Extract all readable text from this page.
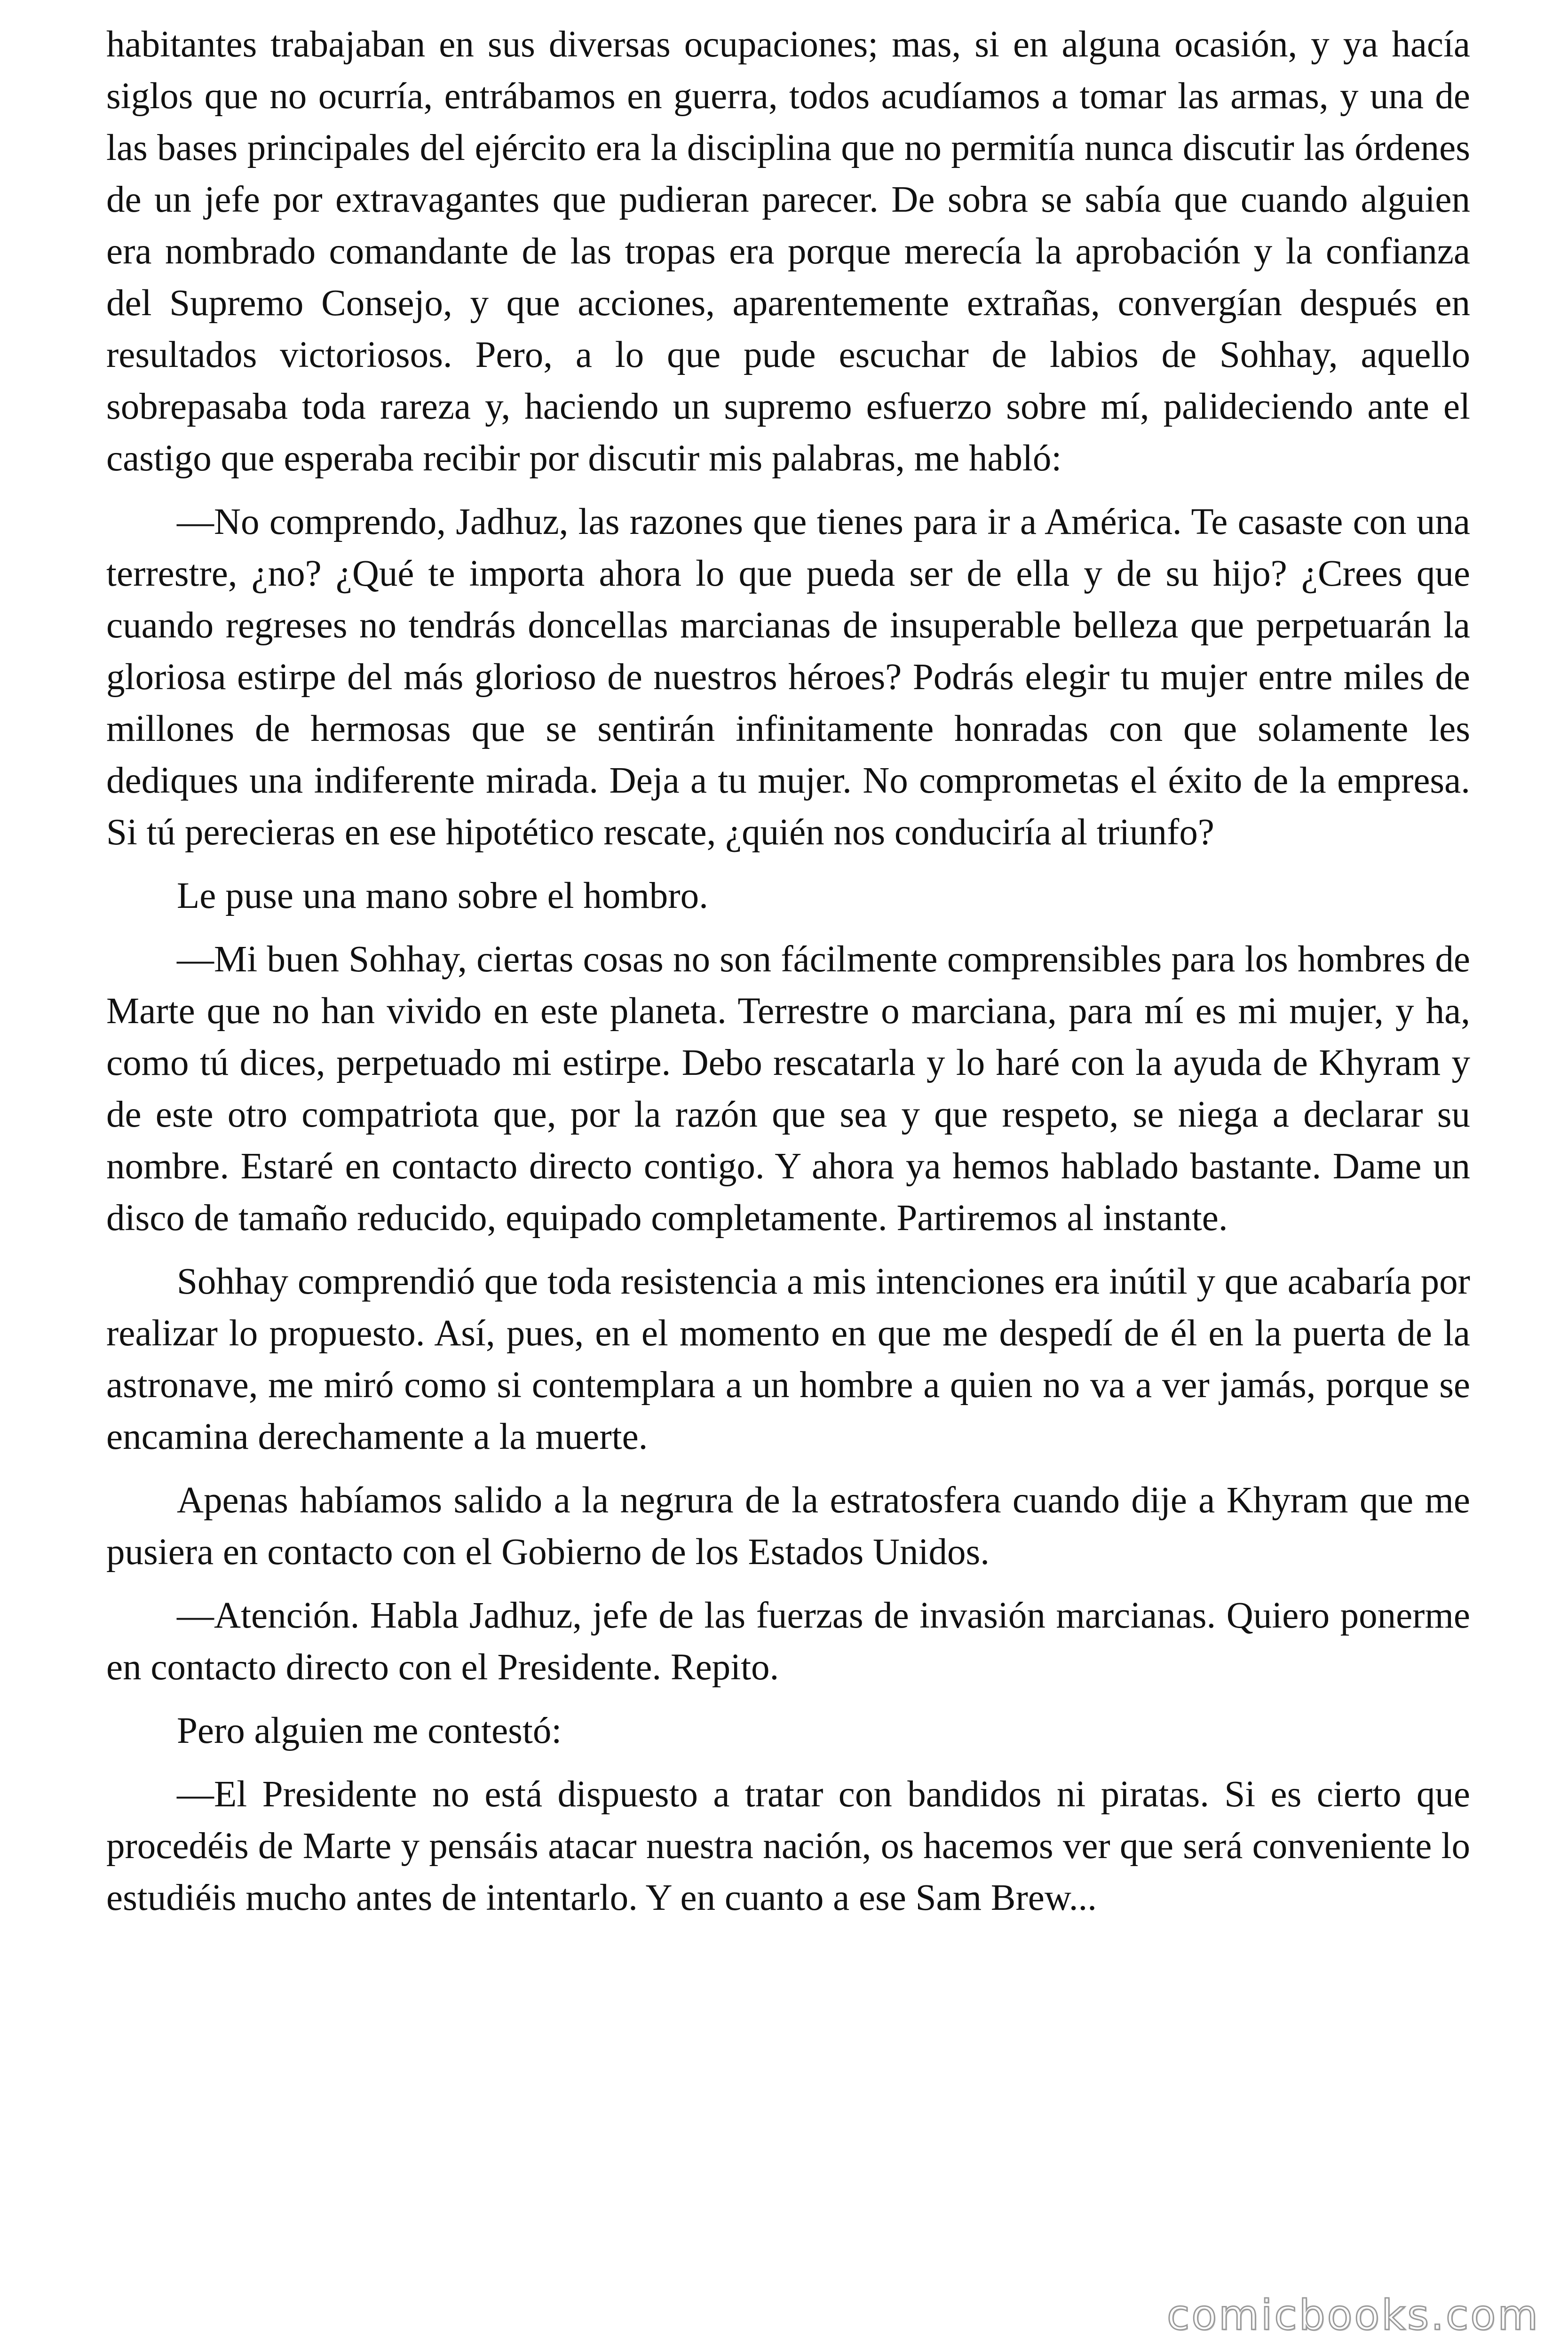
habitantes trabajaban en sus diversas ocupaciones; mas, si en alguna ocasión, y ya hacía siglos que no ocurría, entrábamos en guerra, todos acudíamos a tomar las armas, y una de las bases principales del ejército era la disciplina que no permitía nunca discutir las órdenes de un jefe por extravagantes que pudieran parecer. De sobra se sabía que cuando alguien era nombrado comandante de las tropas era porque merecía la aprobación y la confianza del Supremo Consejo, y que acciones, aparentemente extrañas, convergían después en resultados victoriosos. Pero, a lo que pude escuchar de labios de Sohhay, aquello sobrepasaba toda rareza y, haciendo un supremo esfuerzo sobre mí, palideciendo ante el castigo que esperaba recibir por discutir mis palabras, me habló:

—No comprendo, Jadhuz, las razones que tienes para ir a América. Te casaste con una terrestre, ¿no? ¿Qué te importa ahora lo que pueda ser de ella y de su hijo? ¿Crees que cuando regreses no tendrás doncellas marcianas de insuperable belleza que perpetuarán la gloriosa estirpe del más glorioso de nuestros héroes? Podrás elegir tu mujer entre miles de millones de hermosas que se sentirán infinitamente honradas con que solamente les dediques una indiferente mirada. Deja a tu mujer. No comprometas el éxito de la empresa. Si tú perecieras en ese hipotético rescate, ¿quién nos conduciría al triunfo?

Le puse una mano sobre el hombro.

—Mi buen Sohhay, ciertas cosas no son fácilmente comprensibles para los hombres de Marte que no han vivido en este planeta. Terrestre o marciana, para mí es mi mujer, y ha, como tú dices, perpetuado mi estirpe. Debo rescatarla y lo haré con la ayuda de Khyram y de este otro compatriota que, por la razón que sea y que respeto, se niega a declarar su nombre. Estaré en contacto directo contigo. Y ahora ya hemos hablado bastante. Dame un disco de tamaño reducido, equipado completamente. Partiremos al instante.

Sohhay comprendió que toda resistencia a mis intenciones era inútil y que acabaría por realizar lo propuesto. Así, pues, en el momento en que me despedí de él en la puerta de la astronave, me miró como si contemplara a un hombre a quien no va a ver jamás, porque se encamina derechamente a la muerte.

Apenas habíamos salido a la negrura de la estratosfera cuando dije a Khyram que me pusiera en contacto con el Gobierno de los Estados Unidos.

—Atención. Habla Jadhuz, jefe de las fuerzas de invasión marcianas. Quiero ponerme en contacto directo con el Presidente. Repito.

Pero alguien me contestó:

—El Presidente no está dispuesto a tratar con bandidos ni piratas. Si es cierto que procedéis de Marte y pensáis atacar nuestra nación, os hacemos ver que será conveniente lo estudiéis mucho antes de intentarlo. Y en cuanto a ese Sam Brew...

comicbooks.com
